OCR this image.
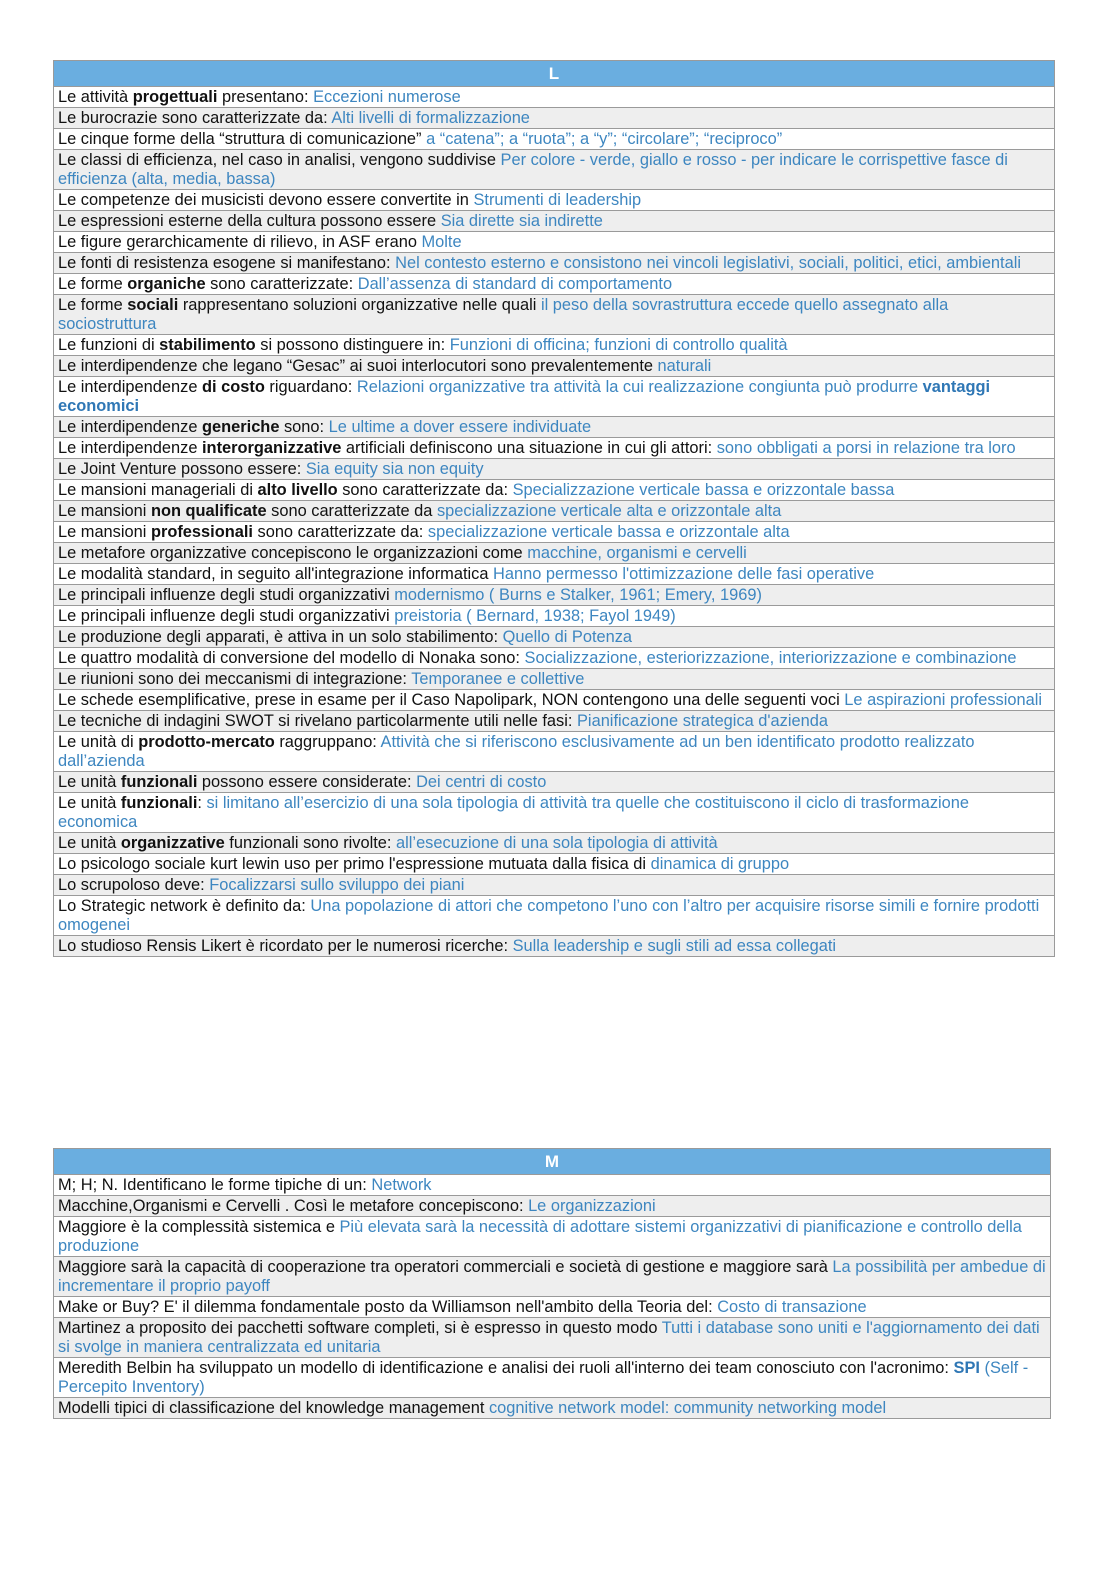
L
Le attività progettuali presentano: Eccezioni numerose
Le burocrazie sono caratterizzate da: Alti livelli di formalizzazione
Le cinque forme della “struttura di comunicazione” a “catena”; a “ruota”; a “y”; “circolare”; “reciproco”
Le classi di efficienza, nel caso in analisi, vengono suddivise Per colore - verde, giallo e rosso - per indicare le corrispettive fasce di efficienza (alta, media, bassa)
Le competenze dei musicisti devono essere convertite in Strumenti di leadership
Le espressioni esterne della cultura possono essere Sia dirette sia indirette
Le figure gerarchicamente di rilievo, in ASF erano Molte
Le fonti di resistenza esogene si manifestano: Nel contesto esterno e consistono nei vincoli legislativi, sociali, politici, etici, ambientali
Le forme organiche sono caratterizzate: Dall’assenza di standard di comportamento
Le forme sociali rappresentano soluzioni organizzative nelle quali il peso della sovrastruttura eccede quello assegnato alla sociostruttura
Le funzioni di stabilimento si possono distinguere in: Funzioni di officina; funzioni di controllo qualità
Le interdipendenze che legano “Gesac” ai suoi interlocutori sono prevalentemente naturali
Le interdipendenze di costo riguardano: Relazioni organizzative tra attività la cui realizzazione congiunta può produrre vantaggi economici
Le interdipendenze generiche sono: Le ultime a dover essere individuate
Le interdipendenze interorganizzative artificiali definiscono una situazione in cui gli attori: sono obbligati a porsi in relazione tra loro
Le Joint Venture possono essere: Sia equity sia non equity
Le mansioni manageriali di alto livello sono caratterizzate da: Specializzazione verticale bassa e orizzontale bassa
Le mansioni non qualificate sono caratterizzate da specializzazione verticale alta e orizzontale alta
Le mansioni professionali sono caratterizzate da: specializzazione verticale bassa e orizzontale alta
Le metafore organizzative concepiscono le organizzazioni come macchine, organismi e cervelli
Le modalità standard, in seguito all'integrazione informatica Hanno permesso l'ottimizzazione delle fasi operative
Le principali influenze degli studi organizzativi modernismo ( Burns e Stalker, 1961; Emery, 1969)
Le principali influenze degli studi organizzativi preistoria ( Bernard, 1938; Fayol 1949)
Le produzione degli apparati, è attiva in un solo stabilimento: Quello di Potenza
Le quattro modalità di conversione del modello di Nonaka sono: Socializzazione, esteriorizzazione, interiorizzazione e combinazione
Le riunioni sono dei meccanismi di integrazione: Temporanee e collettive
Le schede esemplificative, prese in esame per il Caso Napolipark, NON contengono una delle seguenti voci Le aspirazioni professionali
Le tecniche di indagini SWOT si rivelano particolarmente utili nelle fasi: Pianificazione strategica d'azienda
Le unità di prodotto-mercato raggruppano: Attività che si riferiscono esclusivamente ad un ben identificato prodotto realizzato dall’azienda
Le unità funzionali possono essere considerate: Dei centri di costo
Le unità funzionali: si limitano all’esercizio di una sola tipologia di attività tra quelle che costituiscono il ciclo di trasformazione economica
Le unità organizzative funzionali sono rivolte: all’esecuzione di una sola tipologia di attività
Lo psicologo sociale kurt lewin uso per primo l'espressione mutuata dalla fisica di dinamica di gruppo
Lo scrupoloso deve: Focalizzarsi sullo sviluppo dei piani
Lo Strategic network è definito da: Una popolazione di attori che competono l’uno con l’altro per acquisire risorse simili e fornire prodotti omogenei
Lo studioso Rensis Likert è ricordato per le numerosi ricerche: Sulla leadership e sugli stili ad essa collegati
M
M; H; N. Identificano le forme tipiche di un: Network
Macchine,Organismi e Cervelli . Così le metafore concepiscono: Le organizzazioni
Maggiore è la complessità sistemica e Più elevata sarà la necessità di adottare sistemi organizzativi di pianificazione e controllo della produzione
Maggiore sarà la capacità di cooperazione tra operatori commerciali e società di gestione e maggiore sarà La possibilità per ambedue di incrementare il proprio payoff
Make or Buy? E' il dilemma fondamentale posto da Williamson nell'ambito della Teoria del: Costo di transazione
Martinez a proposito dei pacchetti software completi, si è espresso in questo modo Tutti i database sono uniti e l'aggiornamento dei dati si svolge in maniera centralizzata ed unitaria
Meredith Belbin ha sviluppato un modello di identificazione e analisi dei ruoli all'interno dei team conosciuto con l'acronimo: SPI (Self - Percepito Inventory)
Modelli tipici di classificazione del knowledge management cognitive network model: community networking model
